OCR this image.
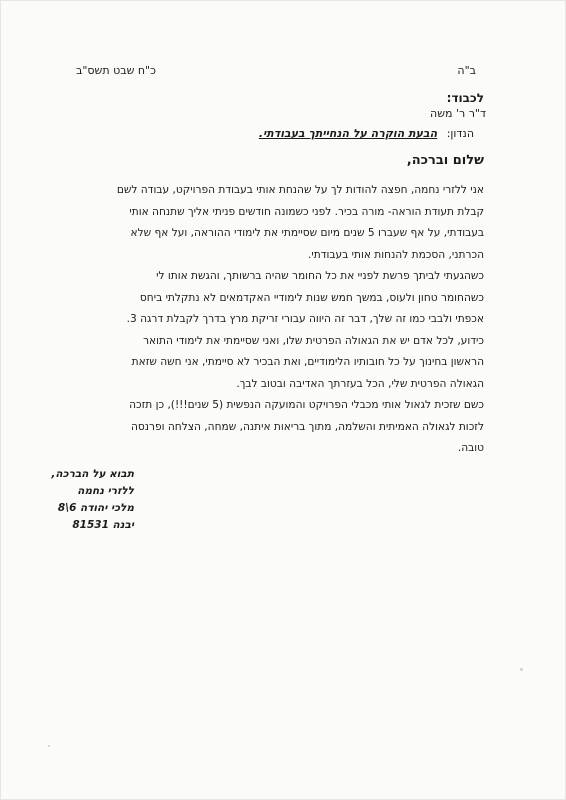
ב"ה
כ"ח שבט תשס"ב
לכבוד:
ד"ר ר' משה
הנדון: הבעת הוקרה על הנחייתך בעבודתי.
שלום וברכה,
אני ללזרי נחמה, חפצה להודות לך על שהנחת אותי בעבודת הפרויקט, עבודה לשם
קבלת תעודת הוראה- מורה בכיר. לפני כשמונה חודשים פניתי אליך שתנחה אותי
בעבודתי, על אף שעברו 5 שנים מיום שסיימתי את לימודי ההוראה, ועל אף שלא
הכרתני, הסכמת להנחות אותי בעבודתי.
כשהגעתי לביתך פרשת לפניי את כל החומר שהיה ברשותך, והגשת אותו לי
כשהחומר טחון ולעוס, במשך חמש שנות לימודיי האקדמאים לא נתקלתי ביחס
אכפתי ולבבי כמו זה שלך, דבר זה היווה עבורי זריקת מרץ בדרך לקבלת דרגה 3.
כידוע, לכל אדם יש את הגאולה הפרטית שלו, ואני שסיימתי את לימודי התואר
הראשון בחינוך על כל חובותיו הלימודיים, ואת הבכיר לא סיימתי, אני חשה שזאת
הגאולה הפרטית שלי, הכל בעזרתך האדיבה ובטוב לבך.
כשם שזכית לגאול אותי מכבלי הפרויקט והמועקה הנפשית (5 שנים!!!), כן תזכה
לזכות לגאולה האמיתית והשלמה, מתוך בריאות איתנה, שמחה, הצלחה ופרנסה
טובה.
תבוא על הברכה,
ללזרי נחמה
מלכי יהודה 6\8
יבנה 81531
